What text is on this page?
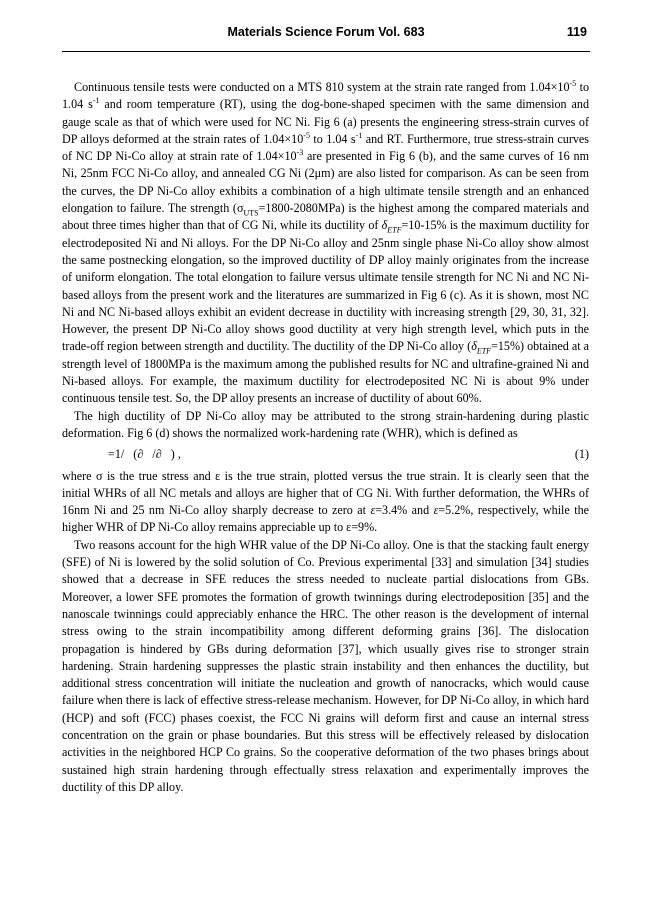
Materials Science Forum Vol. 683	119

Continuous tensile tests were conducted on a MTS 810 system at the strain rate ranged from $1.04\times 10^{-5}$ to 1.04 $s^{-1}$ and room temperature (RT), using the dog-bone-shaped specimen with the same dimension and gauge scale as that of which were used for NC Ni. Fig 6 (a) presents the engineering stress-strain curves of DP alloys deformed at the strain rates of $1.04\times 10^{-5}$ to 1.04 $s^{-1}$ and RT. Furthermore, true stress-strain curves of NC DP Ni-Co alloy at strain rate of $1.04\times 10^{-3}$ are presented in Fig 6 (b), and the same curves of 16 nm Ni, 25nm FCC Ni-Co alloy, and annealed CG Ni (2μm) are also listed for comparison. As can be seen from the curves, the DP Ni-Co alloy exhibits a combination of a high ultimate tensile strength and an enhanced elongation to failure. The strength $(\sigma_{UTS}=1800-2080MPa)$ is the highest among the compared materials and about three times higher than that of CG Ni, while its ductility of $\delta_{ETF}=10-15\%$ is the maximum ductility for electrodeposited Ni and Ni alloys. For the DP Ni-Co alloy and 25nm single phase Ni-Co alloy show almost the same postnecking elongation, so the improved ductility of DP alloy mainly originates from the increase of uniform elongation. The total elongation to failure versus ultimate tensile strength for NC Ni and NC Ni-based alloys from the present work and the literatures are summarized in Fig 6 (c). As it is shown, most NC Ni and NC Ni-based alloys exhibit an evident decrease in ductility with increasing strength [29, 30, 31, 32]. However, the present DP Ni-Co alloy shows good ductility at very high strength level, which puts in the trade-off region between strength and ductility. The ductility of the DP Ni-Co alloy $(\delta_{ETF}=15\%)$ obtained at a strength level of 1800MPa is the maximum among the published results for NC and ultrafine-grained Ni and Ni-based alloys. For example, the maximum ductility for electrodeposited NC Ni is about 9% under continuous tensile test. So, the DP alloy presents an increase of ductility of about 60%.

The high ductility of DP Ni-Co alloy may be attributed to the strong strain-hardening during plastic deformation. Fig 6 (d) shows the normalized work-hardening rate (WHR), which is defined as

=1/   (∂   /∂   ) ,	(1)

where σ is the true stress and ε is the true strain, plotted versus the true strain. It is clearly seen that the initial WHRs of all NC metals and alloys are higher that of CG Ni. With further deformation, the WHRs of 16nm Ni and 25 nm Ni-Co alloy sharply decrease to zero at ε=3.4% and ε=5.2%, respectively, while the higher WHR of DP Ni-Co alloy remains appreciable up to ε=9%.

Two reasons account for the high WHR value of the DP Ni-Co alloy. One is that the stacking fault energy (SFE) of Ni is lowered by the solid solution of Co. Previous experimental [33] and simulation [34] studies showed that a decrease in SFE reduces the stress needed to nucleate partial dislocations from GBs. Moreover, a lower SFE promotes the formation of growth twinnings during electrodeposition [35] and the nanoscale twinnings could appreciably enhance the HRC. The other reason is the development of internal stress owing to the strain incompatibility among different deforming grains [36]. The dislocation propagation is hindered by GBs during deformation [37], which usually gives rise to stronger strain hardening. Strain hardening suppresses the plastic strain instability and then enhances the ductility, but additional stress concentration will initiate the nucleation and growth of nanocracks, which would cause failure when there is lack of effective stress-release mechanism. However, for DP Ni-Co alloy, in which hard (HCP) and soft (FCC) phases coexist, the FCC Ni grains will deform first and cause an internal stress concentration on the grain or phase boundaries. But this stress will be effectively released by dislocation activities in the neighbored HCP Co grains. So the cooperative deformation of the two phases brings about sustained high strain hardening through effectually stress relaxation and experimentally improves the ductility of this DP alloy.
